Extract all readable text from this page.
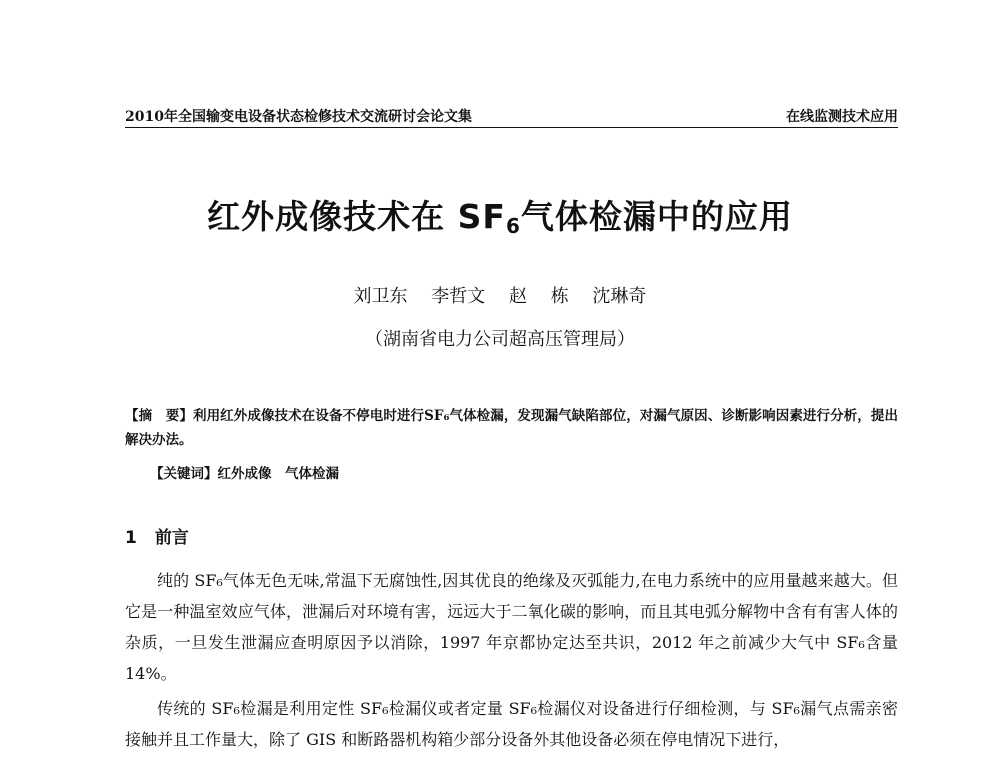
2010年全国输变电设备状态检修技术交流研讨会论文集	在线监测技术应用
红外成像技术在 $SF_6$气体检漏中的应用
刘卫东 李哲文 赵 栋 沈琳奇
（湖南省电力公司超高压管理局）
【摘　要】利用红外成像技术在设备不停电时进行SF₆气体检漏，发现漏气缺陷部位，对漏气原因、诊断影响因素进行分析，提出解决办法。
【关键词】红外成像　气体检漏
1 前言
纯的 SF₆气体无色无味,常温下无腐蚀性,因其优良的绝缘及灭弧能力,在电力系统中的应用量越来越大。但它是一种温室效应气体，泄漏后对环境有害，远远大于二氧化碳的影响，而且其电弧分解物中含有有害人体的杂质，一旦发生泄漏应查明原因予以消除，1997 年京都协定达至共识，2012 年之前减少大气中 SF₆含量 14%。
传统的 SF₆检漏是利用定性 SF₆检漏仪或者定量 SF₆检漏仪对设备进行仔细检测，与 SF₆漏气点需亲密接触并且工作量大，除了 GIS 和断路器机构箱少部分设备外其他设备必须在停电情况下进行，
